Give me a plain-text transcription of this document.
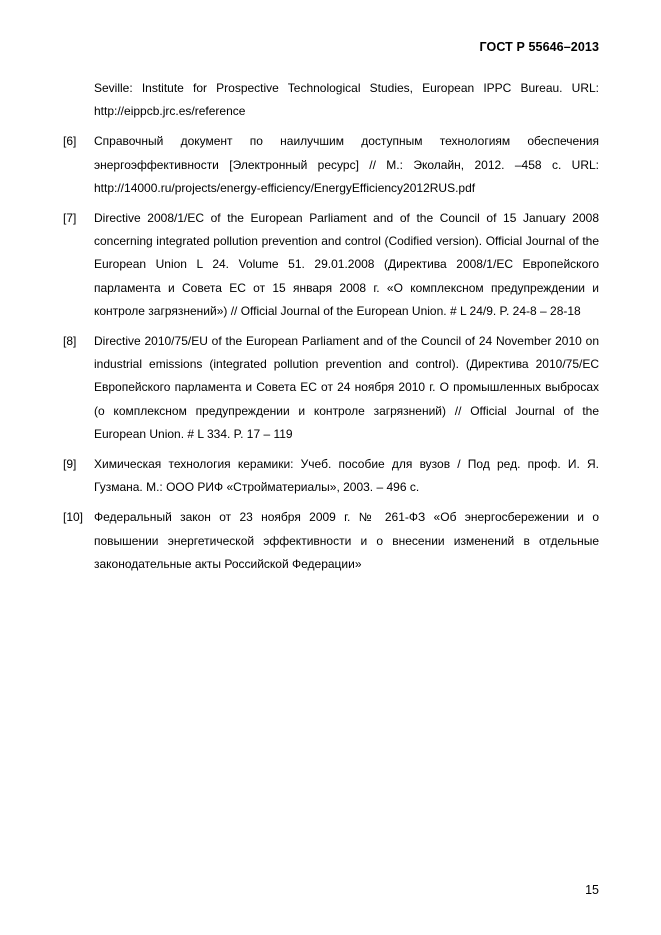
ГОСТ Р 55646–2013
Seville: Institute for Prospective Technological Studies, European IPPC Bureau. URL: http://eippcb.jrc.es/reference
[6]	Справочный документ по наилучшим доступным технологиям обеспечения энергоэффективности [Электронный ресурс] // М.: Эколайн, 2012. –458 с. URL: http://14000.ru/projects/energy-efficiency/EnergyEfficiency2012RUS.pdf
[7]	Directive 2008/1/EC of the European Parliament and of the Council of 15 January 2008 concerning integrated pollution prevention and control (Codified version). Official Journal of the European Union L 24. Volume 51. 29.01.2008 (Директива 2008/1/ЕС Европейского парламента и Совета ЕС от 15 января 2008 г. «О комплексном предупреждении и контроле загрязнений») // Official Journal of the European Union. # L 24/9. P. 24-8 – 28-18
[8]	Directive 2010/75/EU of the European Parliament and of the Council of 24 November 2010 on industrial emissions (integrated pollution prevention and control). (Директива 2010/75/ЕС Европейского парламента и Совета ЕС от 24 ноября 2010 г. О промышленных выбросах (о комплексном предупреждении и контроле загрязнений) // Official Journal of the European Union. # L 334. P. 17 – 119
[9]	Химическая технология керамики: Учеб. пособие для вузов / Под ред. проф. И. Я. Гузмана. М.: ООО РИФ «Стройматериалы», 2003. – 496 с.
[10] Федеральный закон от 23 ноября 2009 г. № 261-ФЗ «Об энергосбережении и о повышении энергетической эффективности и о внесении изменений в отдельные законодательные акты Российской Федерации»
15
